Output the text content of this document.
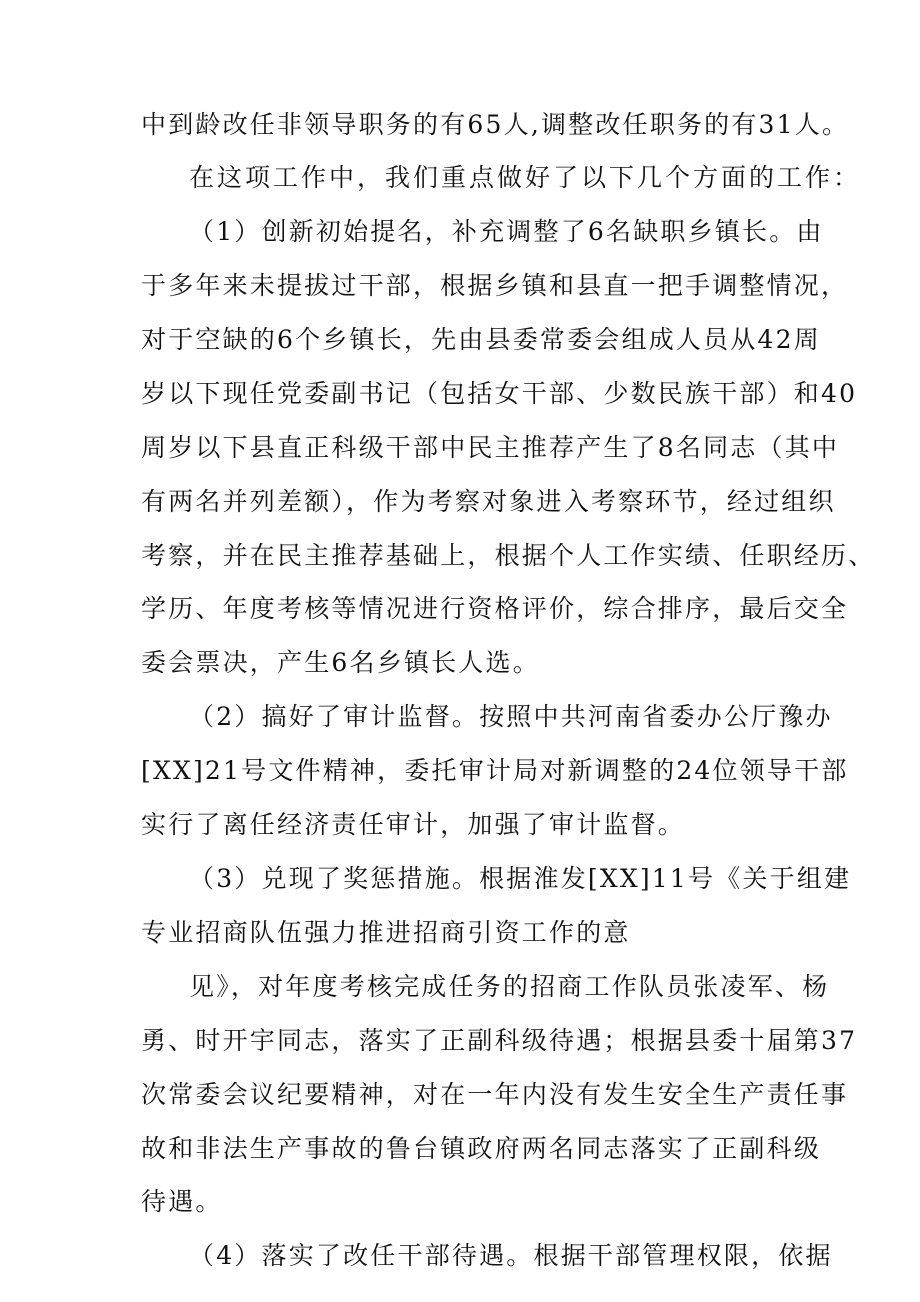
中到龄改任非领导职务的有65人,调整改任职务的有31人。
在这项工作中，我们重点做好了以下几个方面的工作：
（1）创新初始提名，补充调整了6名缺职乡镇长。由
于多年来未提拔过干部，根据乡镇和县直一把手调整情况，
对于空缺的6个乡镇长，先由县委常委会组成人员从42周
岁以下现任党委副书记（包括女干部、少数民族干部）和40
周岁以下县直正科级干部中民主推荐产生了8名同志（其中
有两名并列差额），作为考察对象进入考察环节，经过组织
考察，并在民主推荐基础上，根据个人工作实绩、任职经历、
学历、年度考核等情况进行资格评价，综合排序，最后交全
委会票决，产生6名乡镇长人选。
（2）搞好了审计监督。按照中共河南省委办公厅豫办
[XX]21号文件精神，委托审计局对新调整的24位领导干部
实行了离任经济责任审计，加强了审计监督。
（3）兑现了奖惩措施。根据淮发[XX]11号《关于组建
专业招商队伍强力推进招商引资工作的意
见》，对年度考核完成任务的招商工作队员张凌军、杨
勇、时开宇同志，落实了正副科级待遇；根据县委十届第37
次常委会议纪要精神，对在一年内没有发生安全生产责任事
故和非法生产事故的鲁台镇政府两名同志落实了正副科级
待遇。
（4）落实了改任干部待遇。根据干部管理权限，依据
